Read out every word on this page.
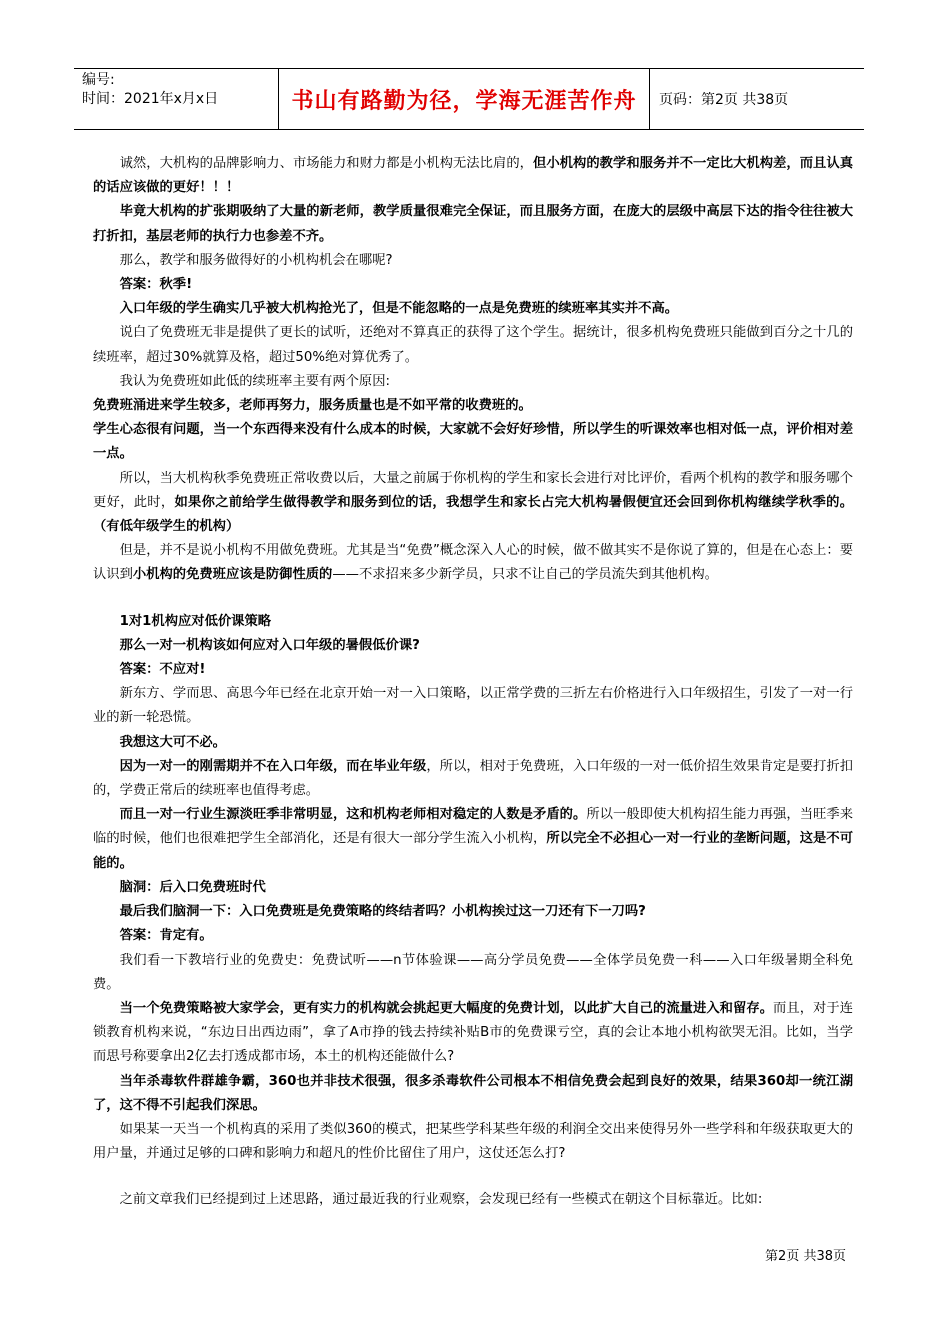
编号:
时间：2021年x月x日	书山有路勤为径，学海无涯苦作舟	页码：第2页 共38页

诚然，大机构的品牌影响力、市场能力和财力都是小机构无法比肩的，但小机构的教学和服务并不一定比大机构差，而且认真的话应该做的更好！！！

毕竟大机构的扩张期吸纳了大量的新老师，教学质量很难完全保证，而且服务方面，在庞大的层级中高层下达的指令往往被大打折扣，基层老师的执行力也参差不齐。

那么，教学和服务做得好的小机构机会在哪呢?

答案：秋季!

入口年级的学生确实几乎被大机构抢光了，但是不能忽略的一点是免费班的续班率其实并不高。

说白了免费班无非是提供了更长的试听，还绝对不算真正的获得了这个学生。据统计，很多机构免费班只能做到百分之十几的续班率，超过30%就算及格，超过50%绝对算优秀了。

我认为免费班如此低的续班率主要有两个原因:

免费班涌进来学生较多，老师再努力，服务质量也是不如平常的收费班的。

学生心态很有问题，当一个东西得来没有什么成本的时候，大家就不会好好珍惜，所以学生的听课效率也相对低一点，评价相对差一点。

所以，当大机构秋季免费班正常收费以后，大量之前属于你机构的学生和家长会进行对比评价，看两个机构的教学和服务哪个更好，此时，如果你之前给学生做得教学和服务到位的话，我想学生和家长占完大机构暑假便宜还会回到你机构继续学秋季的。（有低年级学生的机构）

但是，并不是说小机构不用做免费班。尤其是当“免费”概念深入人心的时候，做不做其实不是你说了算的，但是在心态上：要认识到小机构的免费班应该是防御性质的——不求招来多少新学员，只求不让自己的学员流失到其他机构。

1对1机构应对低价课策略

那么一对一机构该如何应对入口年级的暑假低价课?

答案：不应对!

新东方、学而思、高思今年已经在北京开始一对一入口策略，以正常学费的三折左右价格进行入口年级招生，引发了一对一行业的新一轮恐慌。

我想这大可不必。

因为一对一的刚需期并不在入口年级，而在毕业年级，所以，相对于免费班，入口年级的一对一低价招生效果肯定是要打折扣的，学费正常后的续班率也值得考虑。

而且一对一行业生源淡旺季非常明显，这和机构老师相对稳定的人数是矛盾的。所以一般即使大机构招生能力再强，当旺季来临的时候，他们也很难把学生全部消化，还是有很大一部分学生流入小机构，所以完全不必担心一对一行业的垄断问题，这是不可能的。

脑洞：后入口免费班时代

最后我们脑洞一下：入口免费班是免费策略的终结者吗？小机构挨过这一刀还有下一刀吗?

答案：肯定有。

我们看一下教培行业的免费史：免费试听——n节体验课——高分学员免费——全体学员免费一科——入口年级暑期全科免费。

当一个免费策略被大家学会，更有实力的机构就会挑起更大幅度的免费计划，以此扩大自己的流量进入和留存。而且，对于连锁教育机构来说，“东边日出西边雨”，拿了A市挣的钱去持续补贴B市的免费课亏空，真的会让本地小机构欲哭无泪。比如，当学而思号称要拿出2亿去打透成都市场，本土的机构还能做什么?

当年杀毒软件群雄争霸，360也并非技术很强，很多杀毒软件公司根本不相信免费会起到良好的效果，结果360却一统江湖了，这不得不引起我们深思。

如果某一天当一个机构真的采用了类似360的模式，把某些学科某些年级的利润全交出来使得另外一些学科和年级获取更大的用户量，并通过足够的口碑和影响力和超凡的性价比留住了用户，这仗还怎么打?

之前文章我们已经提到过上述思路，通过最近我的行业观察，会发现已经有一些模式在朝这个目标靠近。比如:

第2页 共38页
